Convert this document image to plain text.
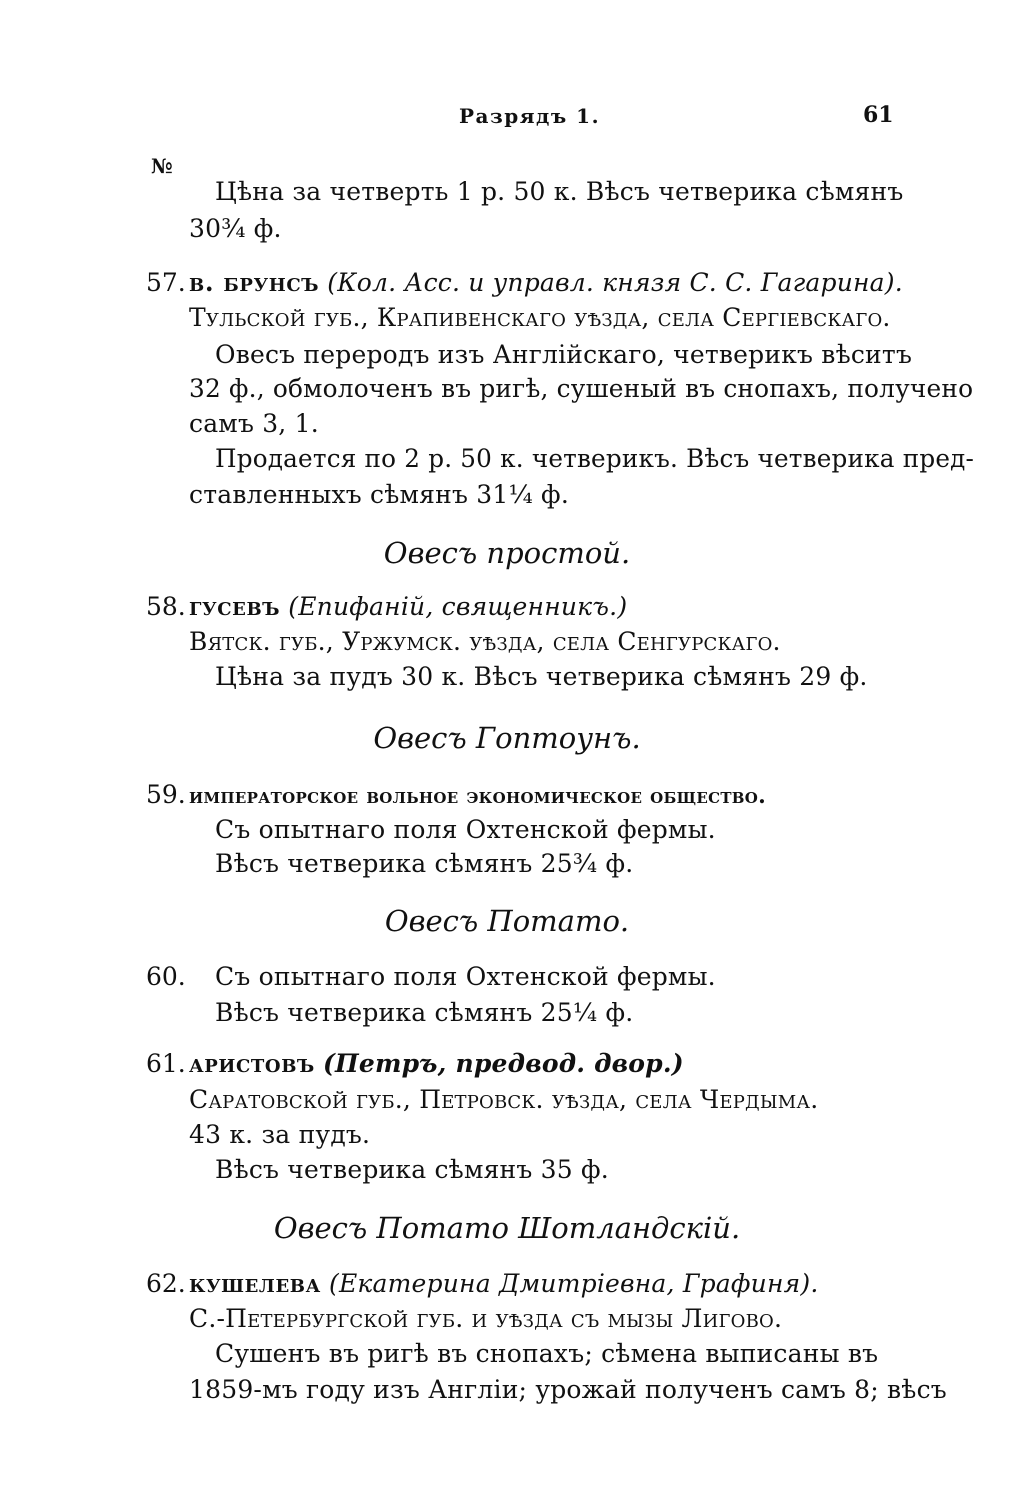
Разрядъ 1.	61
№
Цѣна за четверть 1 р. 50 к. Вѣсъ четверика сѣмянъ
30¾ ф.
57. в. брунсъ (Кол. Асс. и управл. князя С. С. Гагарина).
Тульской губ., Крапивенскаго уѣзда, села Сергіевскаго.
Овесъ переродъ изъ Англійскаго, четверикъ вѣситъ
32 ф., обмолоченъ въ ригѣ, сушеный въ снопахъ, получено
самъ 3, 1.
Продается по 2 р. 50 к. четверикъ. Вѣсъ четверика пред-
ставленныхъ сѣмянъ 31¼ ф.
Овесъ простой.
58. гусевъ (Епифаній, священникъ.)
Вятск. губ., Уржумск. уѣзда, села Сенгурскаго.
Цѣна за пудъ 30 к. Вѣсъ четверика сѣмянъ 29 ф.
Овесъ Гоптоунъ.
59. императорское вольное экономическое общество.
Съ опытнаго поля Охтенской фермы.
Вѣсъ четверика сѣмянъ 25¾ ф.
Овесъ Потато.
60. Съ опытнаго поля Охтенской фермы.
Вѣсъ четверика сѣмянъ 25¼ ф.
61. аристовъ (Петръ, предвод. двор.)
Саратовской губ., Петровск. уѣзда, села Чердыма.
43 к. за пудъ.
Вѣсъ четверика сѣмянъ 35 ф.
Овесъ Потато Шотландскій.
62. кушелева (Екатерина Дмитріевна, Графиня).
С.-Петербургской губ. и уѣзда съ мызы Лигово.
Сушенъ въ ригѣ въ снопахъ; сѣмена выписаны въ
1859-мъ году изъ Англіи; урожай полученъ самъ 8; вѣсъ
